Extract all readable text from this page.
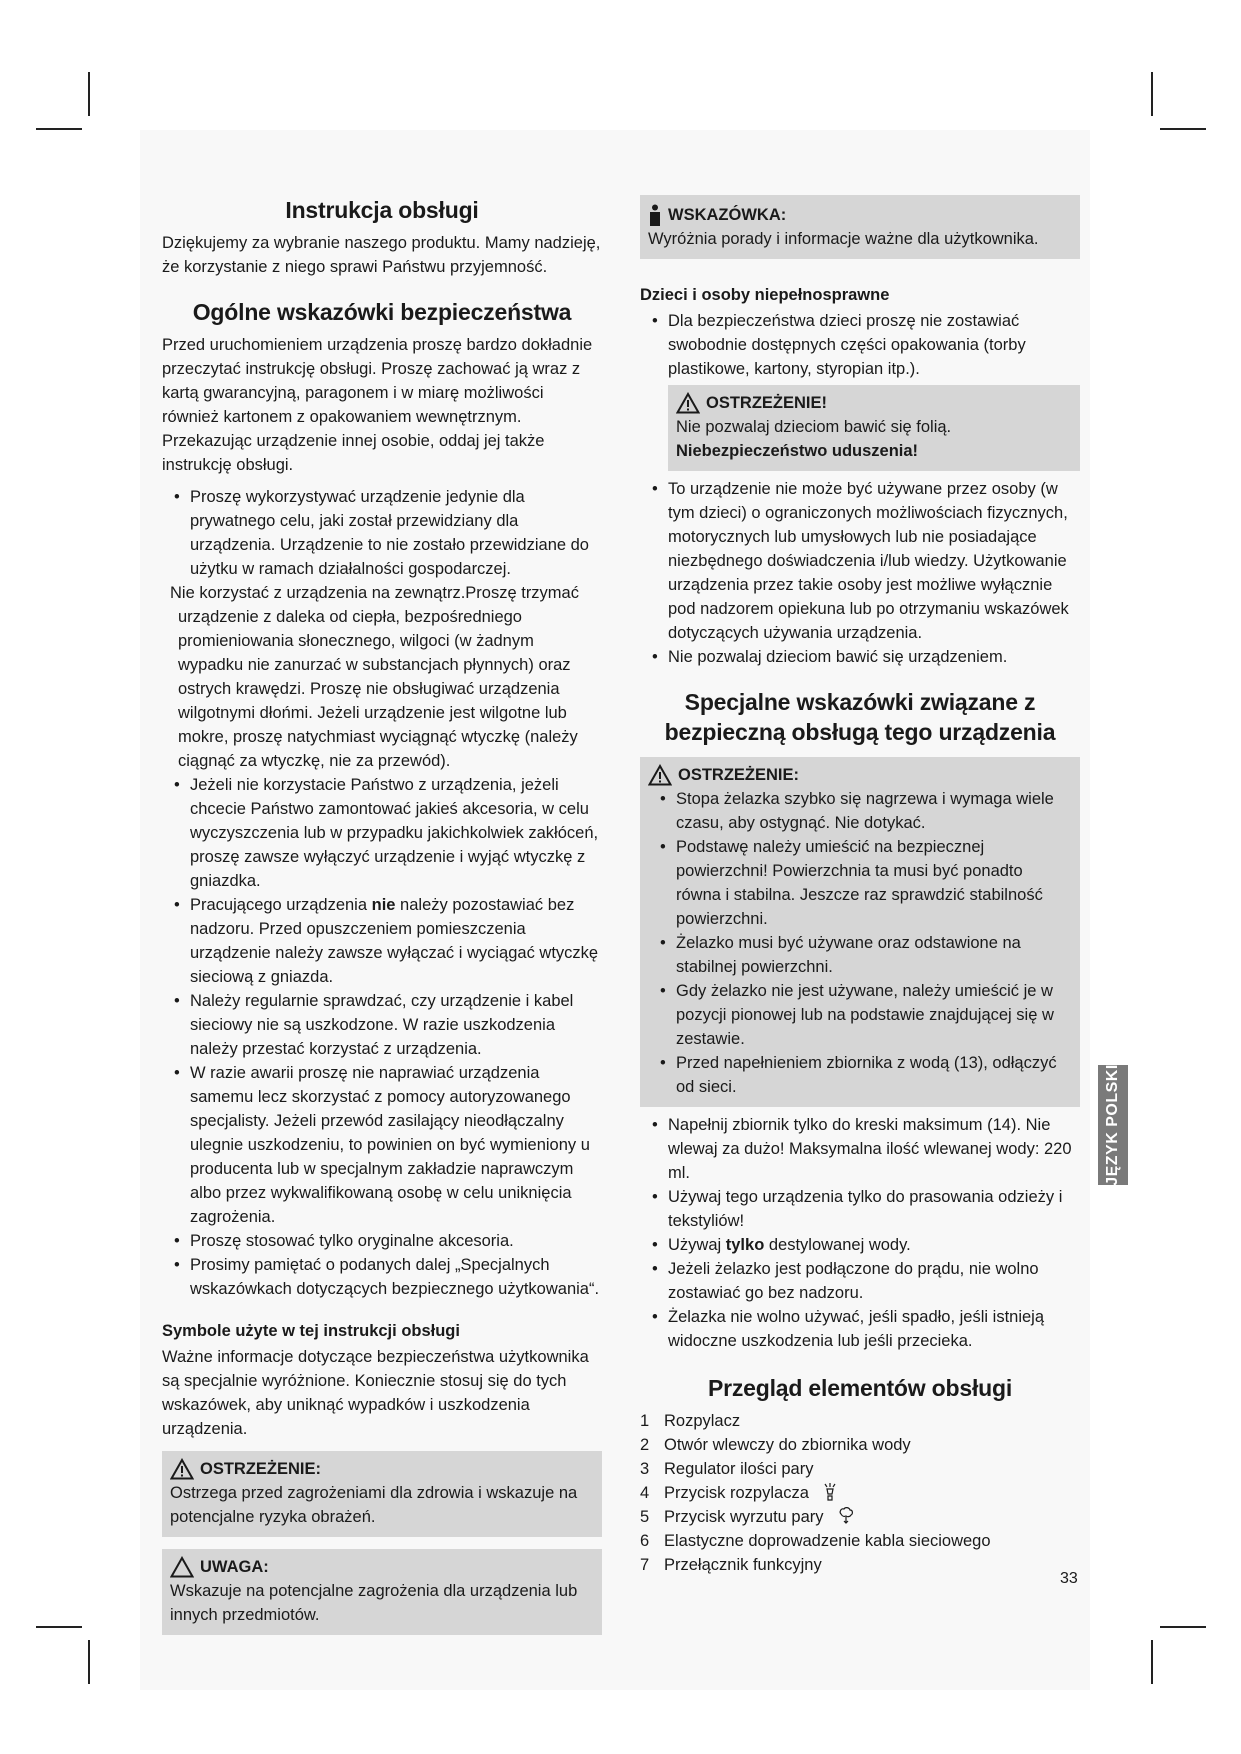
Instrukcja obsługi

Dziękujemy za wybranie naszego produktu. Mamy nadzieję, że korzystanie z niego sprawi Państwu przyjemność.

Ogólne wskazówki bezpieczeństwa

Przed uruchomieniem urządzenia proszę bardzo dokładnie przeczytać instrukcję obsługi. Proszę zachować ją wraz z kartą gwarancyjną, paragonem i w miarę możliwości również kartonem z opakowaniem wewnętrznym. Przekazując urządzenie innej osobie, oddaj jej także instrukcję obsługi.

• Proszę wykorzystywać urządzenie jedynie dla prywatnego celu, jaki został przewidziany dla urządzenia. Urządzenie to nie zostało przewidziane do użytku w ramach działalności gospodarczej.
Nie korzystać z urządzenia na zewnątrz.Proszę trzymać urządzenie z daleka od ciepła, bezpośredniego promieniowania słonecznego, wilgoci (w żadnym wypadku nie zanurzać w substancjach płynnych) oraz ostrych krawędzi. Proszę nie obsługiwać urządzenia wilgotnymi dłońmi. Jeżeli urządzenie jest wilgotne lub mokre, proszę natychmiast wyciągnąć wtyczkę (należy ciągnąć za wtyczkę, nie za przewód).
• Jeżeli nie korzystacie Państwo z urządzenia, jeżeli chcecie Państwo zamontować jakieś akcesoria, w celu wyczyszczenia lub w przypadku jakichkolwiek zakłóceń, proszę zawsze wyłączyć urządzenie i wyjąć wtyczkę z gniazdka.
• Pracującego urządzenia nie należy pozostawiać bez nadzoru. Przed opuszczeniem pomieszczenia urządzenie należy zawsze wyłączać i wyciągać wtyczkę sieciową z gniazda.
• Należy regularnie sprawdzać, czy urządzenie i kabel sieciowy nie są uszkodzone. W razie uszkodzenia należy przestać korzystać z urządzenia.
• W razie awarii proszę nie naprawiać urządzenia samemu lecz skorzystać z pomocy autoryzowanego specjalisty. Jeżeli przewód zasilający nieodłączalny ulegnie uszkodzeniu, to powinien on być wymieniony u producenta lub w specjalnym zakładzie naprawczym albo przez wykwalifikowaną osobę w celu uniknięcia zagrożenia.
• Proszę stosować tylko oryginalne akcesoria.
• Prosimy pamiętać o podanych dalej „Specjalnych wskazówkach dotyczących bezpiecznego użytkowania“.
Symbole użyte w tej instrukcji obsługi

Ważne informacje dotyczące bezpieczeństwa użytkownika są specjalnie wyróżnione. Koniecznie stosuj się do tych wskazówek, aby uniknąć wypadków i uszkodzenia urządzenia.

OSTRZEŻENIE:

Ostrzega przed zagrożeniami dla zdrowia i wskazuje na potencjalne ryzyka obrażeń.

UWAGA:

Wskazuje na potencjalne zagrożenia dla urządzenia lub innych przedmiotów.

WSKAZÓWKA:

Wyróżnia porady i informacje ważne dla użytkownika.

Dzieci i osoby niepełnosprawne
• Dla bezpieczeństwa dzieci proszę nie zostawiać swobodnie dostępnych części opakowania (torby plastikowe, kartony, styropian itp.).
OSTRZEŻENIE!

Nie pozwalaj dzieciom bawić się folią. Niebezpieczeństwo uduszenia!

• To urządzenie nie może być używane przez osoby (w tym dzieci) o ograniczonych możliwościach fizycznych, motorycznych lub umysłowych lub nie posiadające niezbędnego doświadczenia i/lub wiedzy. Użytkowanie urządzenia przez takie osoby jest możliwe wyłącznie pod nadzorem opiekuna lub po otrzymaniu wskazówek dotyczących używania urządzenia.
• Nie pozwalaj dzieciom bawić się urządzeniem.
Specjalne wskazówki związane z bezpieczną obsługą tego urządzenia
OSTRZEŻENIE:
• Stopa żelazka szybko się nagrzewa i wymaga wiele czasu, aby ostygnąć. Nie dotykać.
• Podstawę należy umieścić na bezpiecznej powierzchni! Powierzchnia ta musi być ponadto równa i stabilna. Jeszcze raz sprawdzić stabilność powierzchni.
• Żelazko musi być używane oraz odstawione na stabilnej powierzchni.
• Gdy żelazko nie jest używane, należy umieścić je w pozycji pionowej lub na podstawie znajdującej się w zestawie.
• Przed napełnieniem zbiornika z wodą (13), odłączyć od sieci.
• Napełnij zbiornik tylko do kreski maksimum (14). Nie wlewaj za dużo! Maksymalna ilość wlewanej wody: 220 ml.
• Używaj tego urządzenia tylko do prasowania odzieży i tekstyliów!
• Używaj tylko destylowanej wody.
• Jeżeli żelazko jest podłączone do prądu, nie wolno zostawiać go bez nadzoru.
• Żelazka nie wolno używać, jeśli spadło, jeśli istnieją widoczne uszkodzenia lub jeśli przecieka.
Przegląd elementów obsługi
1 Rozpylacz
2 Otwór wlewczy do zbiornika wody
3 Regulator ilości pary
4 Przycisk rozpylacza
5 Przycisk wyrzutu pary
6 Elastyczne doprowadzenie kabla sieciowego
7 Przełącznik funkcyjny
JĘZYK POLSKI
33
